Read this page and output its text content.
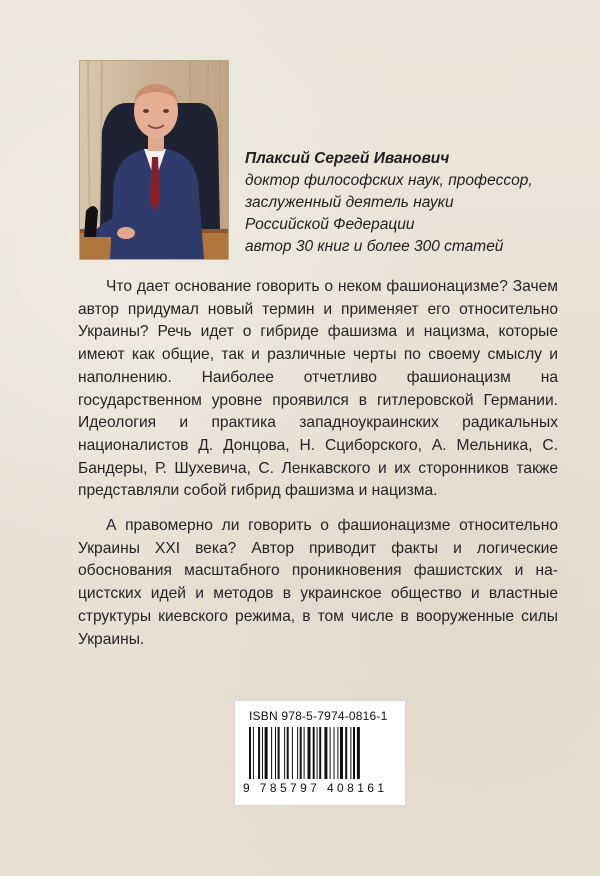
Плаксий Сергей Иванович
доктор философских наук, профессор,
заслуженный деятель науки
Российской Федерации
автор 30 книг и более 300 статей

Что дает основание говорить о неком фашионацизме? Зачем автор придумал новый термин и применяет его относительно Украины? Речь идет о гибриде фашизма и нацизма, которые имеют как общие, так и различные черты по своему смыслу и наполнению. Наиболее отчетливо фашионацизм на государственном уровне проявился в гитлеровской Германии. Идеология и практика западноукраинских радикальных националистов Д. Донцова, Н. Сциборского, А. Мельника, С. Бандеры, Р. Шухевича, С. Ленкавского и их сторонников также представляли собой гибрид фашизма и нацизма.

А правомерно ли говорить о фашионацизме относительно Украины XXI века? Автор приводит факты и логические обоснования масштабного проникновения фашистских и нацистских идей и методов в украинское общество и властные структуры киевского режима, в том числе в вооруженные силы Украины.

ISBN 978-5-7974-0816-1
9 785797 408161
